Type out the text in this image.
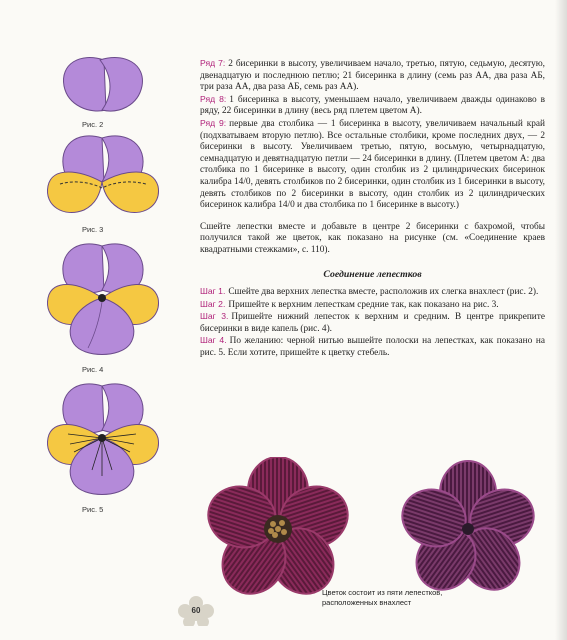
Рис. 2
Рис. 3
Рис. 4
Рис. 5
Ряд 7: 2 бисеринки в высоту, увеличиваем начало, третью, пятую, седьмую, десятую, двенадцатую и последнюю петлю; 21 бисеринка в длину (семь раз АА, два раза АБ, три раза АА, два раза АБ, семь раз АА).
Ряд 8: 1 бисеринка в высоту, уменьшаем начало, увеличиваем дважды одинаково в ряду, 22 бисеринки в длину (весь ряд плетем цветом А).
Ряд 9: первые два столбика — 1 бисеринка в высоту, увеличиваем начальный край (подхватываем вторую петлю). Все остальные столбики, кроме последних двух, — 2 бисеринки в высоту. Увеличиваем третью, пятую, восьмую, четырнадцатую, семнадцатую и девятнадцатую петли — 24 бисеринки в длину. (Плетем цветом А: два столбика по 1 бисеринке в высоту, один столбик из 2 цилиндрических бисеринок калибра 14/0, девять столбиков по 2 бисеринки, один столбик из 1 бисеринки в высоту, девять столбиков по 2 бисеринки в высоту, один столбик из 2 цилиндрических бисеринок калибра 14/0 и два столбика по 1 бисеринке в высоту.)
Сшейте лепестки вместе и добавьте в центре 2 бисеринки с бахромой, чтобы получился такой же цветок, как показано на рисунке (см. «Соединение краев квадратными стежками», с. 110).
Соединение лепестков
Шаг 1. Сшейте два верхних лепестка вместе, расположив их слегка внахлест (рис. 2).
Шаг 2. Пришейте к верхним лепесткам средние так, как показано на рис. 3.
Шаг 3. Пришейте нижний лепесток к верхним и средним. В центре прикрепите бисеринки в виде капель (рис. 4).
Шаг 4. По желанию: черной нитью вышейте полоски на лепестках, как показано на рис. 5. Если хотите, пришейте к цветку стебель.
Цветок состоит из пяти лепестков, расположенных внахлест
60
